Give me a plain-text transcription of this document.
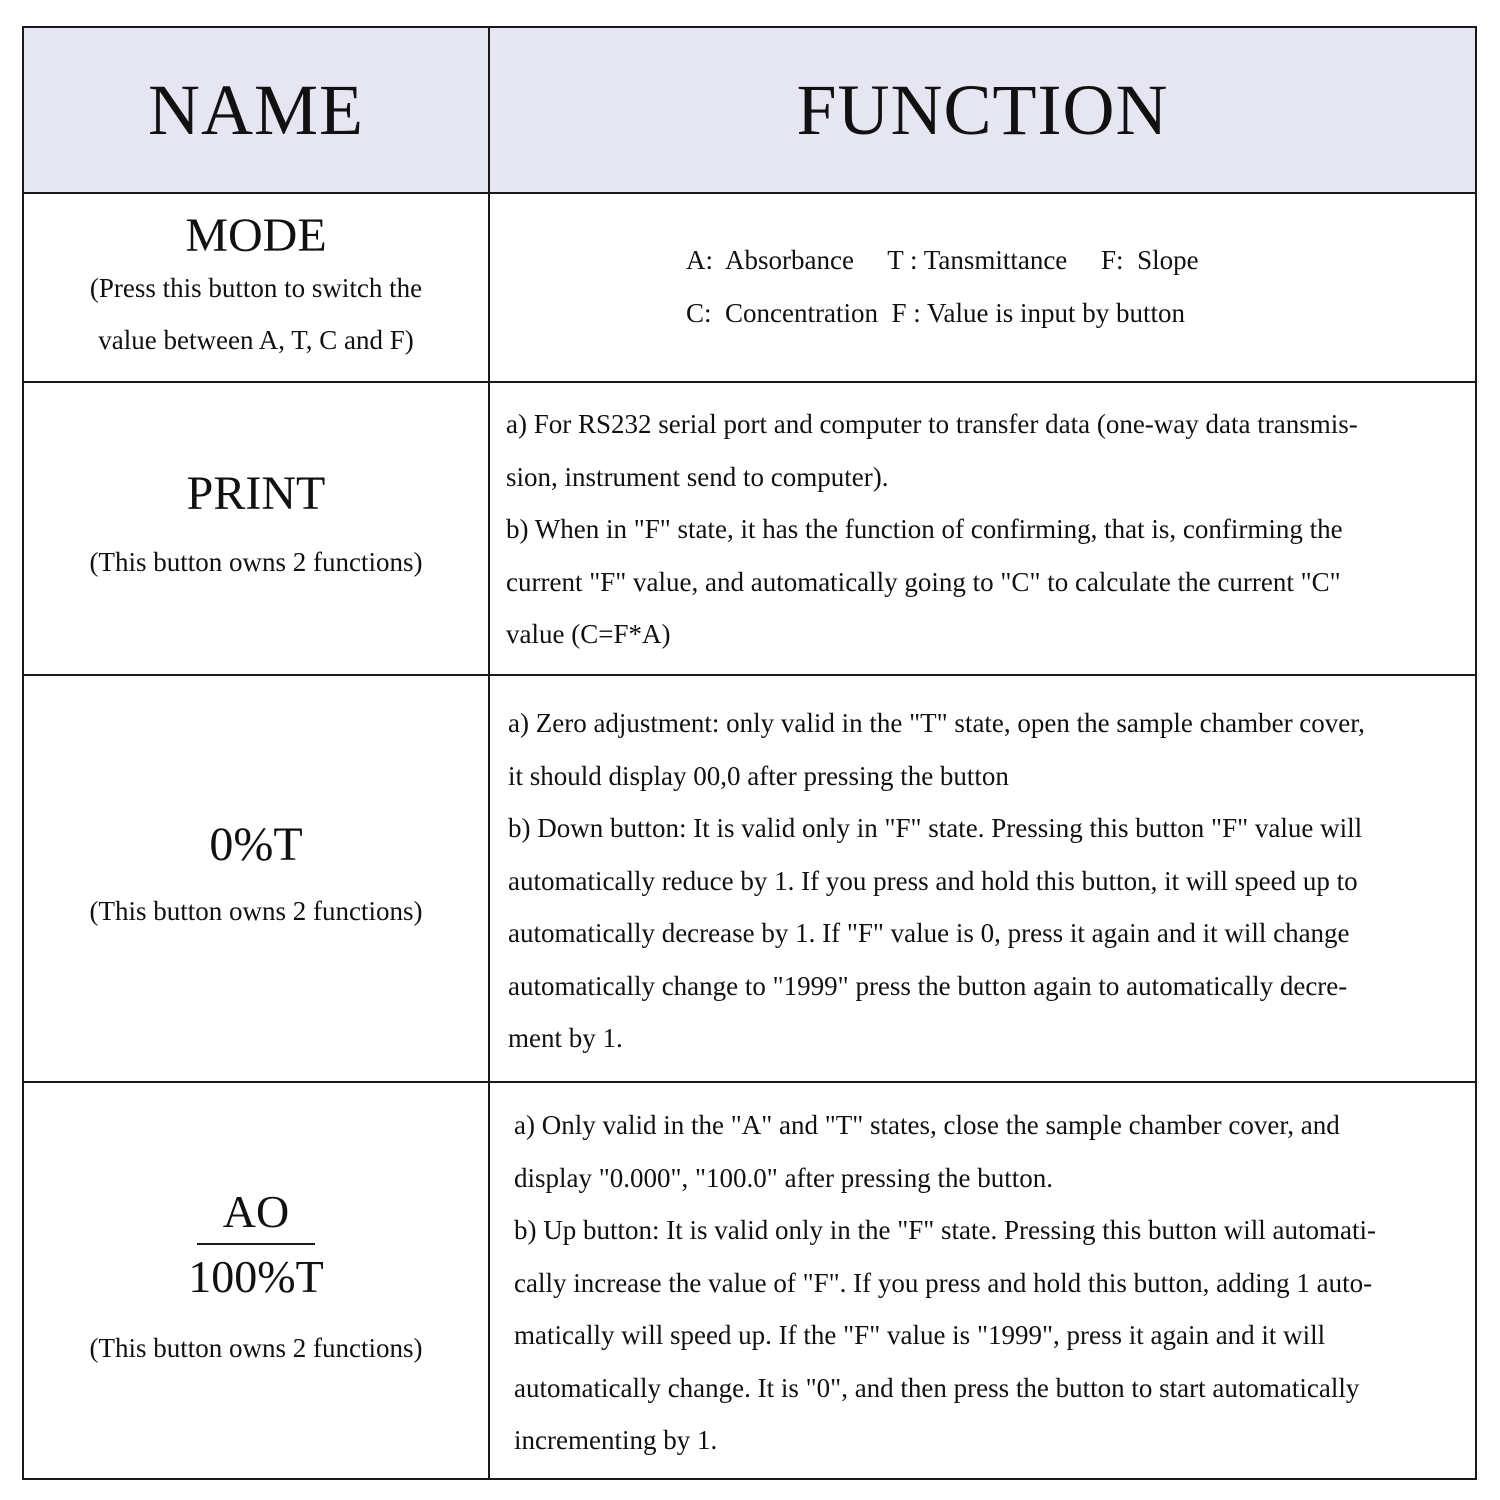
NAME	FUNCTION
MODE
(Press this button to switch the
value between A, T, C and F)
A:  Absorbance     T : Tansmittance     F:  Slope
C:  Concentration  F : Value is input by button
PRINT
(This button owns 2 functions)
a) For RS232 serial port and computer to transfer data (one-way data transmis-
sion, instrument send to computer).
b) When in "F" state, it has the function of confirming, that is, confirming the
current "F" value, and automatically going to "C" to calculate the current "C"
value (C=F*A)
0%T
(This button owns 2 functions)
a) Zero adjustment: only valid in the "T" state, open the sample chamber cover,
it should display 00,0 after pressing the button
b) Down button: It is valid only in "F" state. Pressing this button "F" value will
automatically reduce by 1. If you press and hold this button, it will speed up to
automatically decrease by 1. If "F" value is 0, press it again and it will change
automatically change to "1999" press the button again to automatically decre-
ment by 1.
$\frac{AO}{100\%T}$
(This button owns 2 functions)
a) Only valid in the "A" and "T" states, close the sample chamber cover, and
display "0.000", "100.0" after pressing the button.
b) Up button: It is valid only in the "F" state. Pressing this button will automati-
cally increase the value of "F". If you press and hold this button, adding 1 auto-
matically will speed up. If the "F" value is "1999", press it again and it will
automatically change. It is "0", and then press the button to start automatically
incrementing by 1.
